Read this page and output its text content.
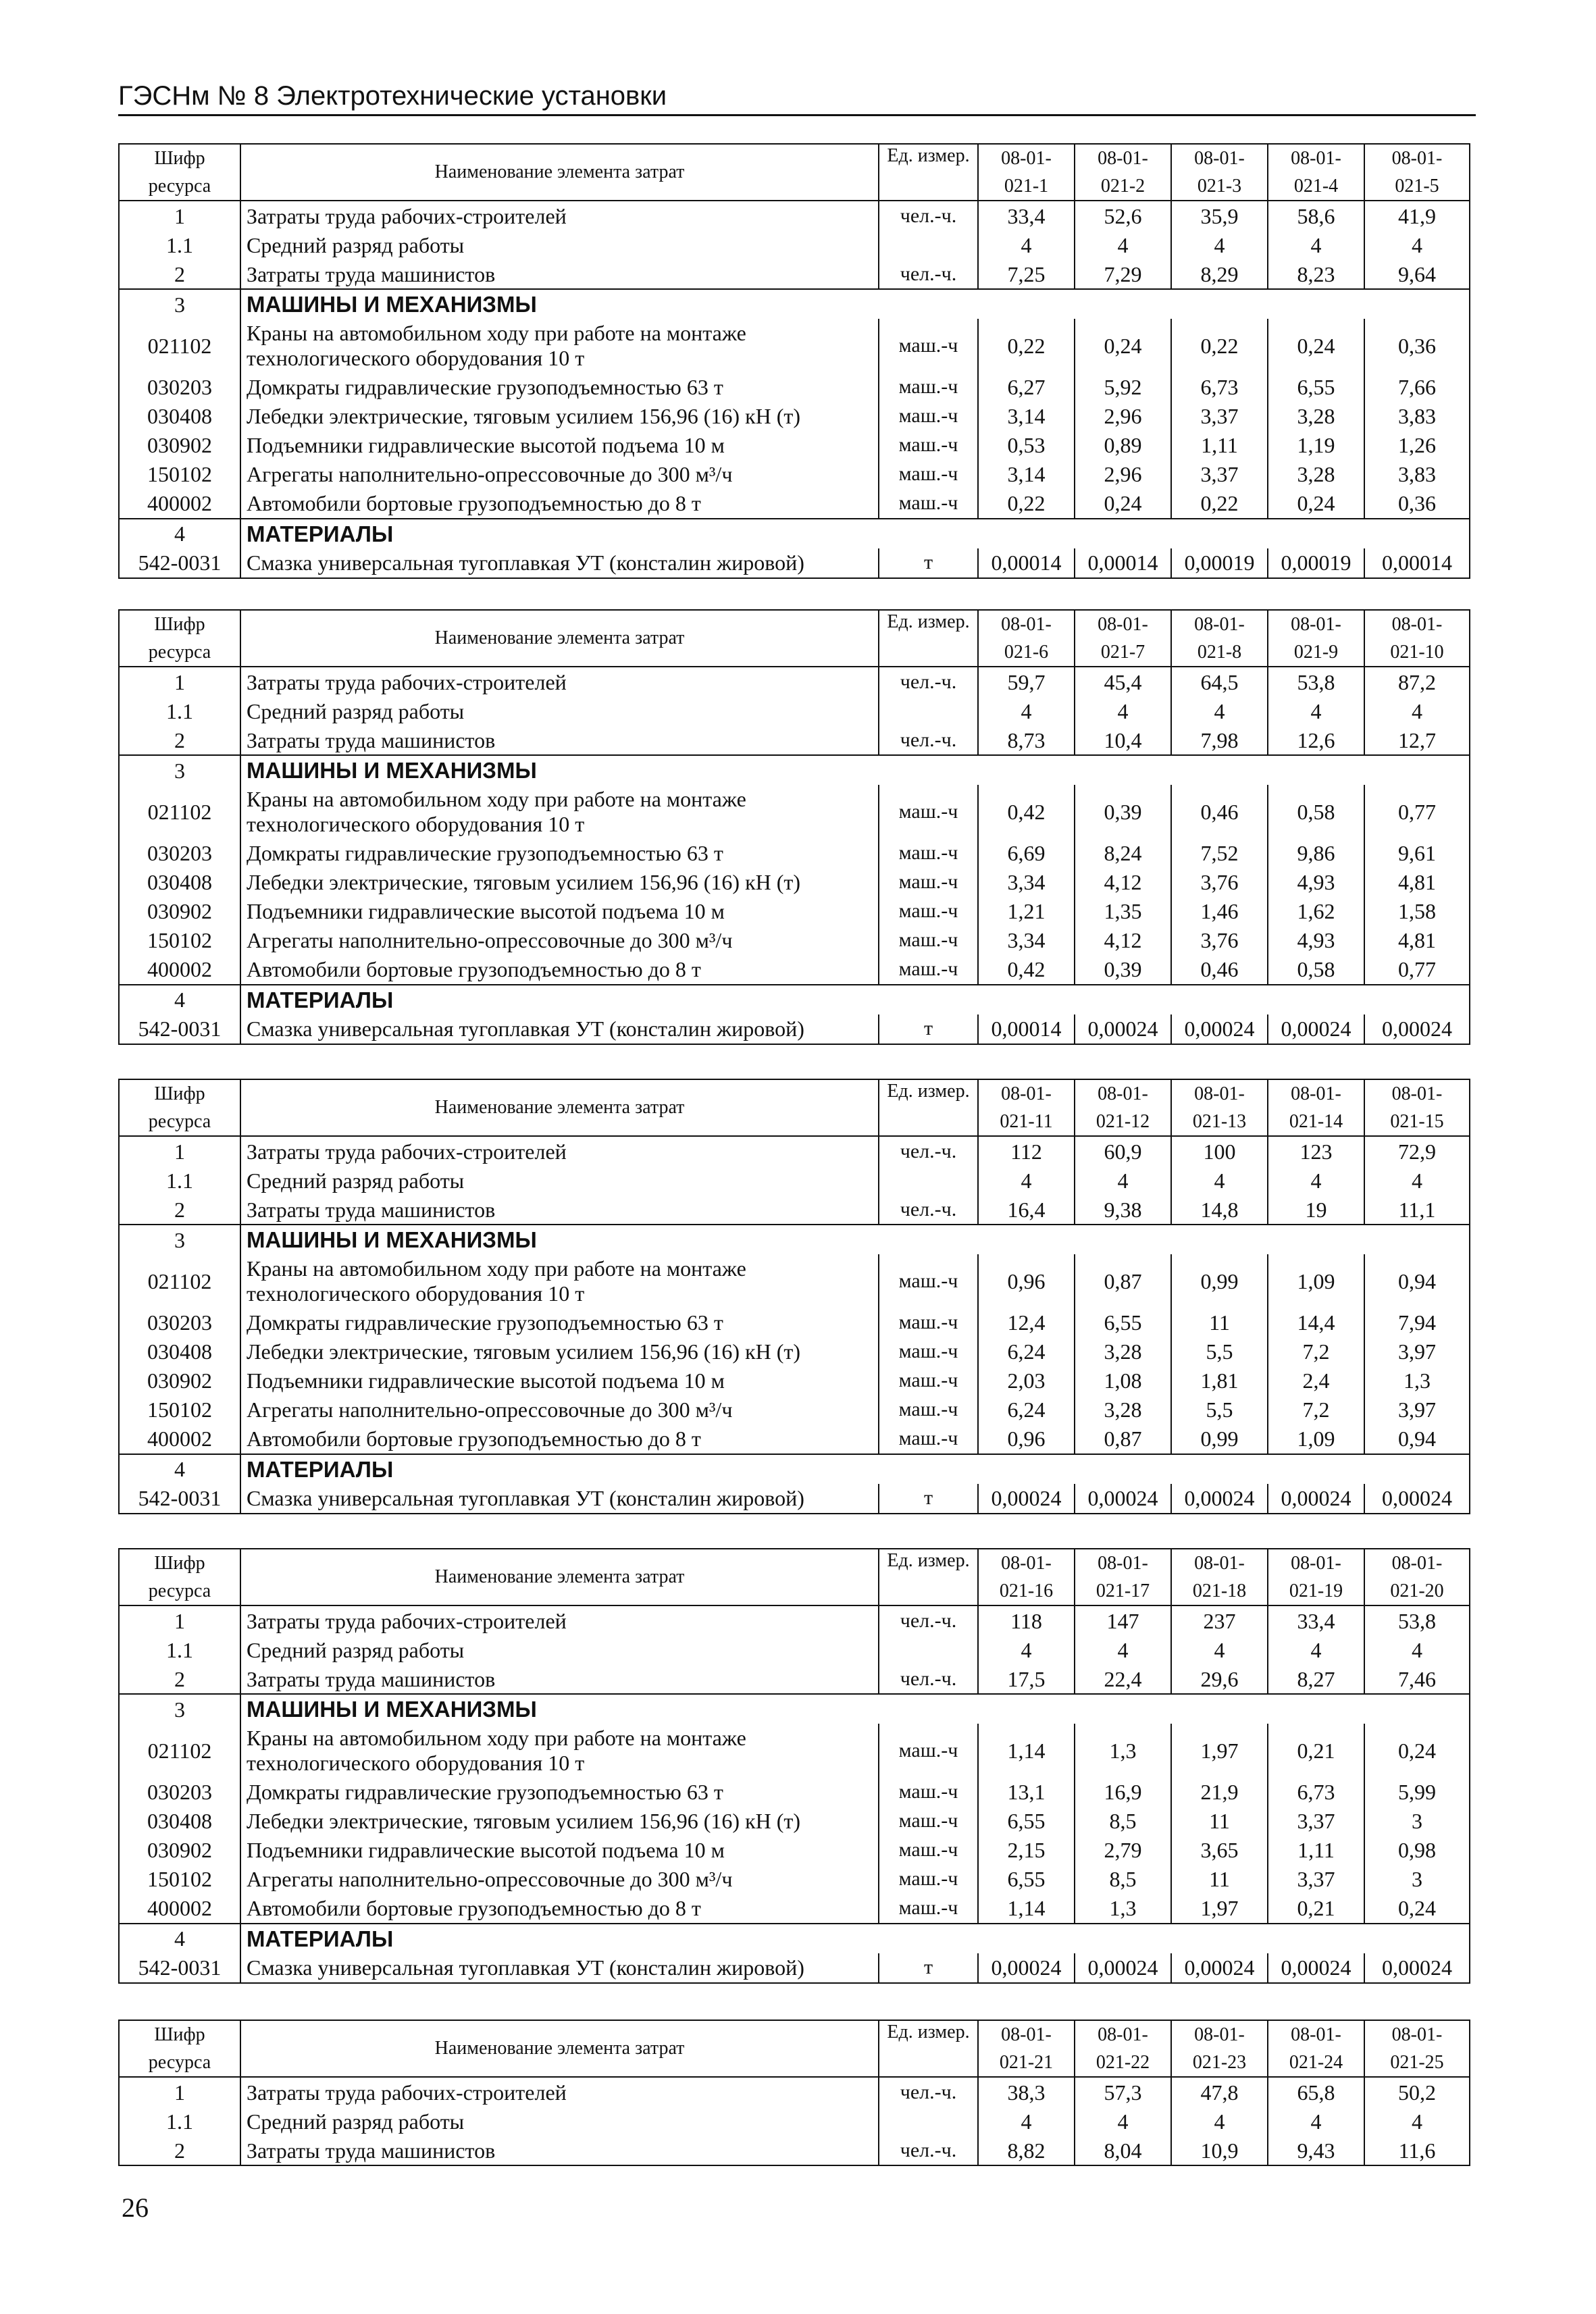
ГЭСНм № 8 Электротехнические установки
Шифр	Наименование элемента затрат	Ед. измер.	08-01-	08-01-	08-01-	08-01-	08-01-
ресурса			021-1	021-2	021-3	021-4	021-5
1	Затраты труда рабочих-строителей	чел.-ч.	33,4	52,6	35,9	58,6	41,9
1.1	Средний разряд работы		4	4	4	4	4
2	Затраты труда машинистов	чел.-ч.	7,25	7,29	8,29	8,23	9,64
3	МАШИНЫ И МЕХАНИЗМЫ						
021102	Краны на автомобильном ходу при работе на монтаже технологического оборудования 10 т	маш.-ч	0,22	0,24	0,22	0,24	0,36
030203	Домкраты гидравлические грузоподъемностью 63 т	маш.-ч	6,27	5,92	6,73	6,55	7,66
030408	Лебедки электрические, тяговым усилием 156,96 (16) кН (т)	маш.-ч	3,14	2,96	3,37	3,28	3,83
030902	Подъемники гидравлические высотой подъема 10 м	маш.-ч	0,53	0,89	1,11	1,19	1,26
150102	Агрегаты наполнительно-опрессовочные до 300 м³/ч	маш.-ч	3,14	2,96	3,37	3,28	3,83
400002	Автомобили бортовые грузоподъемностью до 8 т	маш.-ч	0,22	0,24	0,22	0,24	0,36
4	МАТЕРИАЛЫ						
542-0031	Смазка универсальная тугоплавкая УТ (консталин жировой)	т	0,00014	0,00014	0,00019	0,00019	0,00014
Шифр	Наименование элемента затрат	Ед. измер.	08-01-	08-01-	08-01-	08-01-	08-01-
ресурса			021-6	021-7	021-8	021-9	021-10
1	Затраты труда рабочих-строителей	чел.-ч.	59,7	45,4	64,5	53,8	87,2
1.1	Средний разряд работы		4	4	4	4	4
2	Затраты труда машинистов	чел.-ч.	8,73	10,4	7,98	12,6	12,7
3	МАШИНЫ И МЕХАНИЗМЫ						
021102	Краны на автомобильном ходу при работе на монтаже технологического оборудования 10 т	маш.-ч	0,42	0,39	0,46	0,58	0,77
030203	Домкраты гидравлические грузоподъемностью 63 т	маш.-ч	6,69	8,24	7,52	9,86	9,61
030408	Лебедки электрические, тяговым усилием 156,96 (16) кН (т)	маш.-ч	3,34	4,12	3,76	4,93	4,81
030902	Подъемники гидравлические высотой подъема 10 м	маш.-ч	1,21	1,35	1,46	1,62	1,58
150102	Агрегаты наполнительно-опрессовочные до 300 м³/ч	маш.-ч	3,34	4,12	3,76	4,93	4,81
400002	Автомобили бортовые грузоподъемностью до 8 т	маш.-ч	0,42	0,39	0,46	0,58	0,77
4	МАТЕРИАЛЫ						
542-0031	Смазка универсальная тугоплавкая УТ (консталин жировой)	т	0,00014	0,00024	0,00024	0,00024	0,00024
Шифр	Наименование элемента затрат	Ед. измер.	08-01-	08-01-	08-01-	08-01-	08-01-
ресурса			021-11	021-12	021-13	021-14	021-15
1	Затраты труда рабочих-строителей	чел.-ч.	112	60,9	100	123	72,9
1.1	Средний разряд работы		4	4	4	4	4
2	Затраты труда машинистов	чел.-ч.	16,4	9,38	14,8	19	11,1
3	МАШИНЫ И МЕХАНИЗМЫ						
021102	Краны на автомобильном ходу при работе на монтаже технологического оборудования 10 т	маш.-ч	0,96	0,87	0,99	1,09	0,94
030203	Домкраты гидравлические грузоподъемностью 63 т	маш.-ч	12,4	6,55	11	14,4	7,94
030408	Лебедки электрические, тяговым усилием 156,96 (16) кН (т)	маш.-ч	6,24	3,28	5,5	7,2	3,97
030902	Подъемники гидравлические высотой подъема 10 м	маш.-ч	2,03	1,08	1,81	2,4	1,3
150102	Агрегаты наполнительно-опрессовочные до 300 м³/ч	маш.-ч	6,24	3,28	5,5	7,2	3,97
400002	Автомобили бортовые грузоподъемностью до 8 т	маш.-ч	0,96	0,87	0,99	1,09	0,94
4	МАТЕРИАЛЫ						
542-0031	Смазка универсальная тугоплавкая УТ (консталин жировой)	т	0,00024	0,00024	0,00024	0,00024	0,00024
Шифр	Наименование элемента затрат	Ед. измер.	08-01-	08-01-	08-01-	08-01-	08-01-
ресурса			021-16	021-17	021-18	021-19	021-20
1	Затраты труда рабочих-строителей	чел.-ч.	118	147	237	33,4	53,8
1.1	Средний разряд работы		4	4	4	4	4
2	Затраты труда машинистов	чел.-ч.	17,5	22,4	29,6	8,27	7,46
3	МАШИНЫ И МЕХАНИЗМЫ						
021102	Краны на автомобильном ходу при работе на монтаже технологического оборудования 10 т	маш.-ч	1,14	1,3	1,97	0,21	0,24
030203	Домкраты гидравлические грузоподъемностью 63 т	маш.-ч	13,1	16,9	21,9	6,73	5,99
030408	Лебедки электрические, тяговым усилием 156,96 (16) кН (т)	маш.-ч	6,55	8,5	11	3,37	3
030902	Подъемники гидравлические высотой подъема 10 м	маш.-ч	2,15	2,79	3,65	1,11	0,98
150102	Агрегаты наполнительно-опрессовочные до 300 м³/ч	маш.-ч	6,55	8,5	11	3,37	3
400002	Автомобили бортовые грузоподъемностью до 8 т	маш.-ч	1,14	1,3	1,97	0,21	0,24
4	МАТЕРИАЛЫ						
542-0031	Смазка универсальная тугоплавкая УТ (консталин жировой)	т	0,00024	0,00024	0,00024	0,00024	0,00024
Шифр	Наименование элемента затрат	Ед. измер.	08-01-	08-01-	08-01-	08-01-	08-01-
ресурса			021-21	021-22	021-23	021-24	021-25
1	Затраты труда рабочих-строителей	чел.-ч.	38,3	57,3	47,8	65,8	50,2
1.1	Средний разряд работы		4	4	4	4	4
2	Затраты труда машинистов	чел.-ч.	8,82	8,04	10,9	9,43	11,6
26
